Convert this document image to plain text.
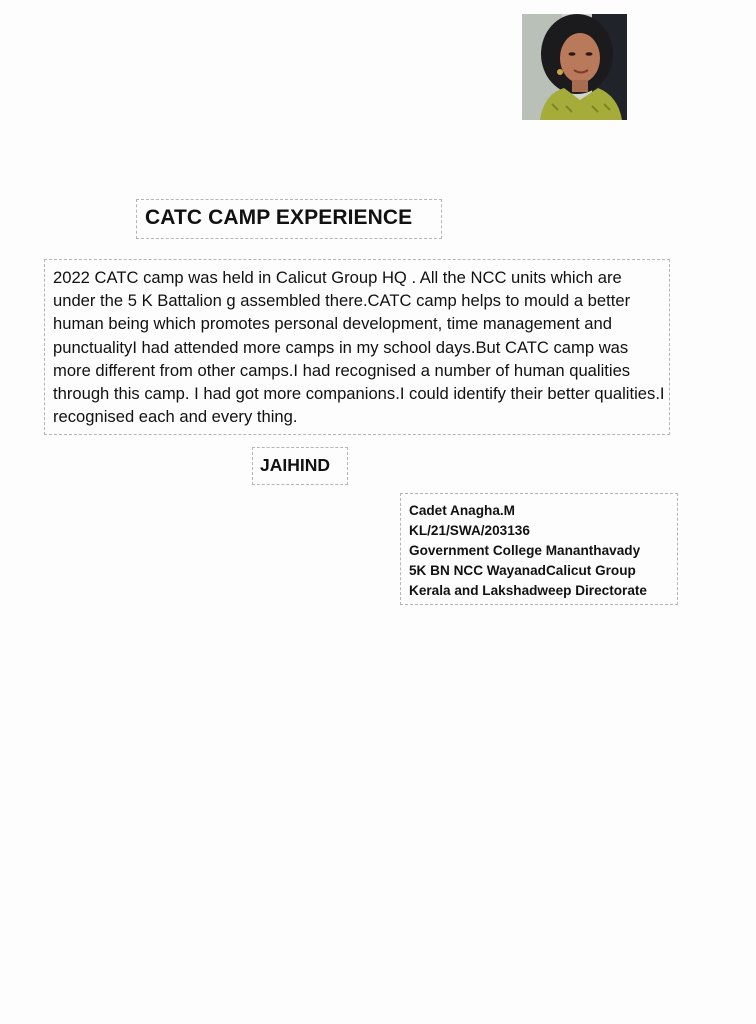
CATC CAMP EXPERIENCE
2022 CATC camp was held in Calicut Group HQ . All the NCC units which are under the 5 K Battalion g assembled there.CATC camp helps to mould a better human being which promotes personal development, time management and punctualityI had attended more camps in my school days.But CATC camp was more different from other camps.I had recognised a number of human qualities through this camp. I had got more companions.I could identify their better qualities.I recognised each and every thing.
JAIHIND
Cadet Anagha.M
KL/21/SWA/203136
Government College Mananthavady
5K BN NCC WayanadCalicut Group
Kerala and Lakshadweep Directorate
